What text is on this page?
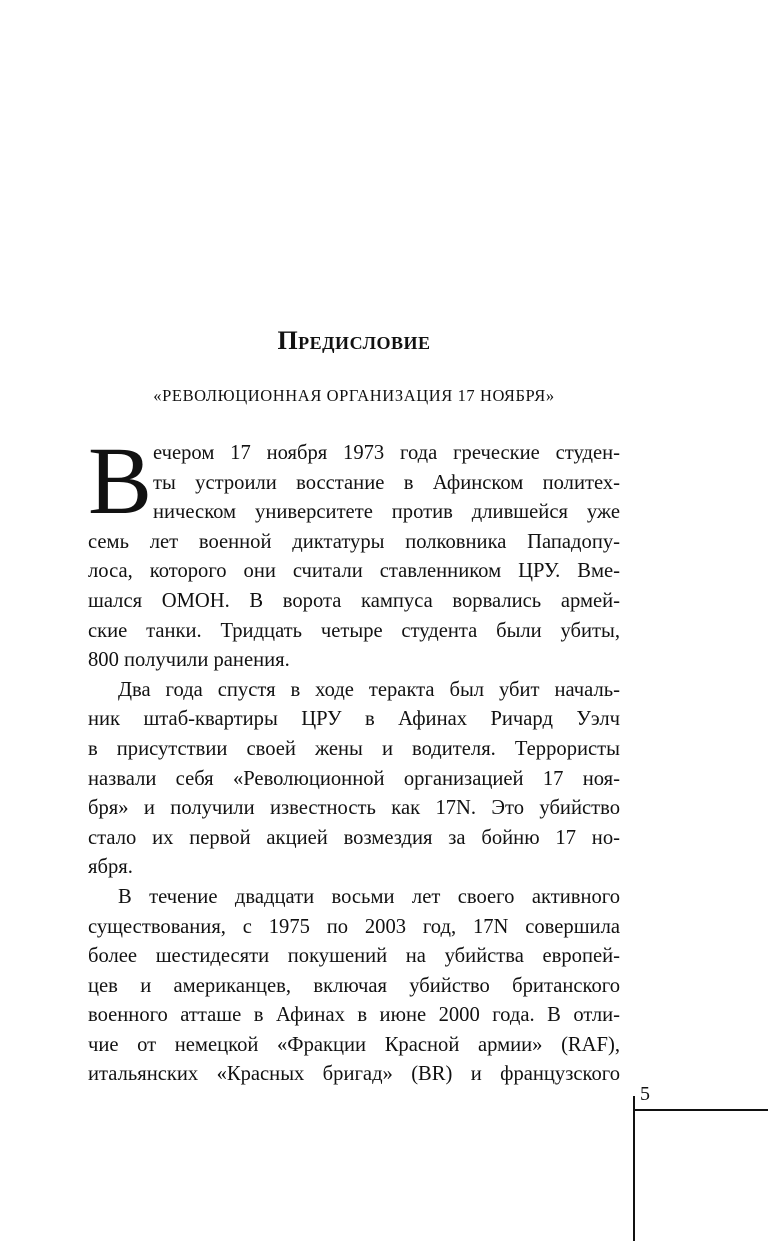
Предисловие
«РЕВОЛЮЦИОННАЯ ОРГАНИЗАЦИЯ 17 НОЯБРЯ»
В ечером 17 ноября 1973 года греческие студен-
ты устроили восстание в Афинском политех-
ническом университете против длившейся уже
семь лет военной диктатуры полковника Пападопу-
лоса, которого они считали ставленником ЦРУ. Вме-
шался ОМОН. В ворота кампуса ворвались армей-
ские танки. Тридцать четыре студента были убиты,
800 получили ранения.
Два года спустя в ходе теракта был убит началь-
ник штаб-квартиры ЦРУ в Афинах Ричард Уэлч
в присутствии своей жены и водителя. Террористы
назвали себя «Революционной организацией 17 ноя-
бря» и получили известность как 17N. Это убийство
стало их первой акцией возмездия за бойню 17 но-
ября.
В течение двадцати восьми лет своего активного
существования, с 1975 по 2003 год, 17N совершила
более шестидесяти покушений на убийства европей-
цев и американцев, включая убийство британского
военного атташе в Афинах в июне 2000 года. В отли-
чие от немецкой «Фракции Красной армии» (RAF),
итальянских «Красных бригад» (BR) и французского
5
